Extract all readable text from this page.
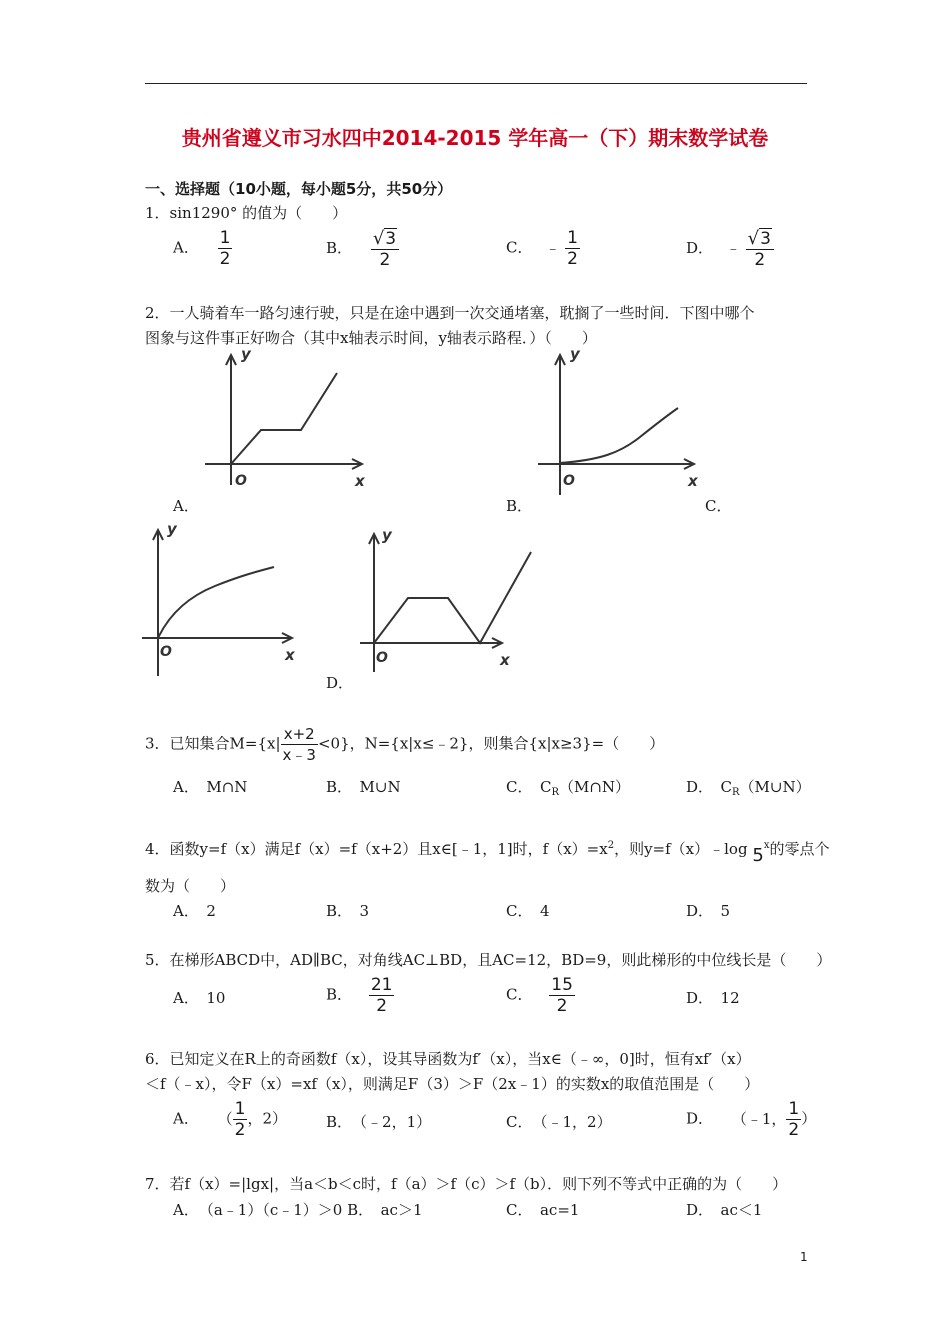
贵州省遵义市习水四中2014-2015 学年高一（下）期末数学试卷
一、选择题（10小题，每小题5分，共50分）
1．sin1290° 的值为（　　）
A． $\frac{1}{2}$	B． $\frac{√3}{2}$	C． ﹣ $\frac{1}{2}$	D． ﹣ $\frac{√3}{2}$
2．一人骑着车一路匀速行驶，只是在途中遇到一次交通堵塞，耽搁了一些时间．下图中哪个
图象与这件事正好吻合（其中x轴表示时间，y轴表示路程．）（　　）
y
O	x
A．
y
O	x
B．	C．
y
O	x
y
O	x
D．
3．已知集合$M=\{x| \frac{x+2}{x﹣3} <0\}$，N={x|x≤﹣2}，则集合{x|x≥3}=（　　）
A．　M∩N	B．　M∪N	C．　$C_R(M\cap N)$	D．　$C_R(M\cup N)$
4．函数y=f（x）满足f（x）=f（x+2）且x∈[﹣1，1]时，$f(x)=x^2$，则y=f（x）﹣log 5$^x$的零点个
数为（　　）
A．　2	B．　3	C．　4	D．　5
5．在梯形ABCD中，AD∥BC，对角线AC⊥BD，且AC=12，BD=9，则此梯形的中位线长是（　　）
A．　10	B． $\frac{21}{2}$	C． $\frac{15}{2}$	D．　12
6．已知定义在R上的奇函数f（x），设其导函数为f′（x），当x∈（﹣∞，0]时，恒有xf′（x）
＜f（﹣x），令F（x）=xf（x），则满足F（3）＞F（2x﹣1）的实数x的取值范围是（　　）
A． （ $\frac{1}{2}$ ，2）	B．　（﹣2，1）	C．　（﹣1，2）	D． （﹣1， $\frac{1}{2}$ ）
7．若f（x）=|lgx|，当a＜b＜c时，f（a）＞f（c）＞f（b）．则下列不等式中正确的为（　　）
A．　（a﹣1）（c﹣1）＞0 B．　ac＞1	C．　ac=1	D．　ac＜1
1
